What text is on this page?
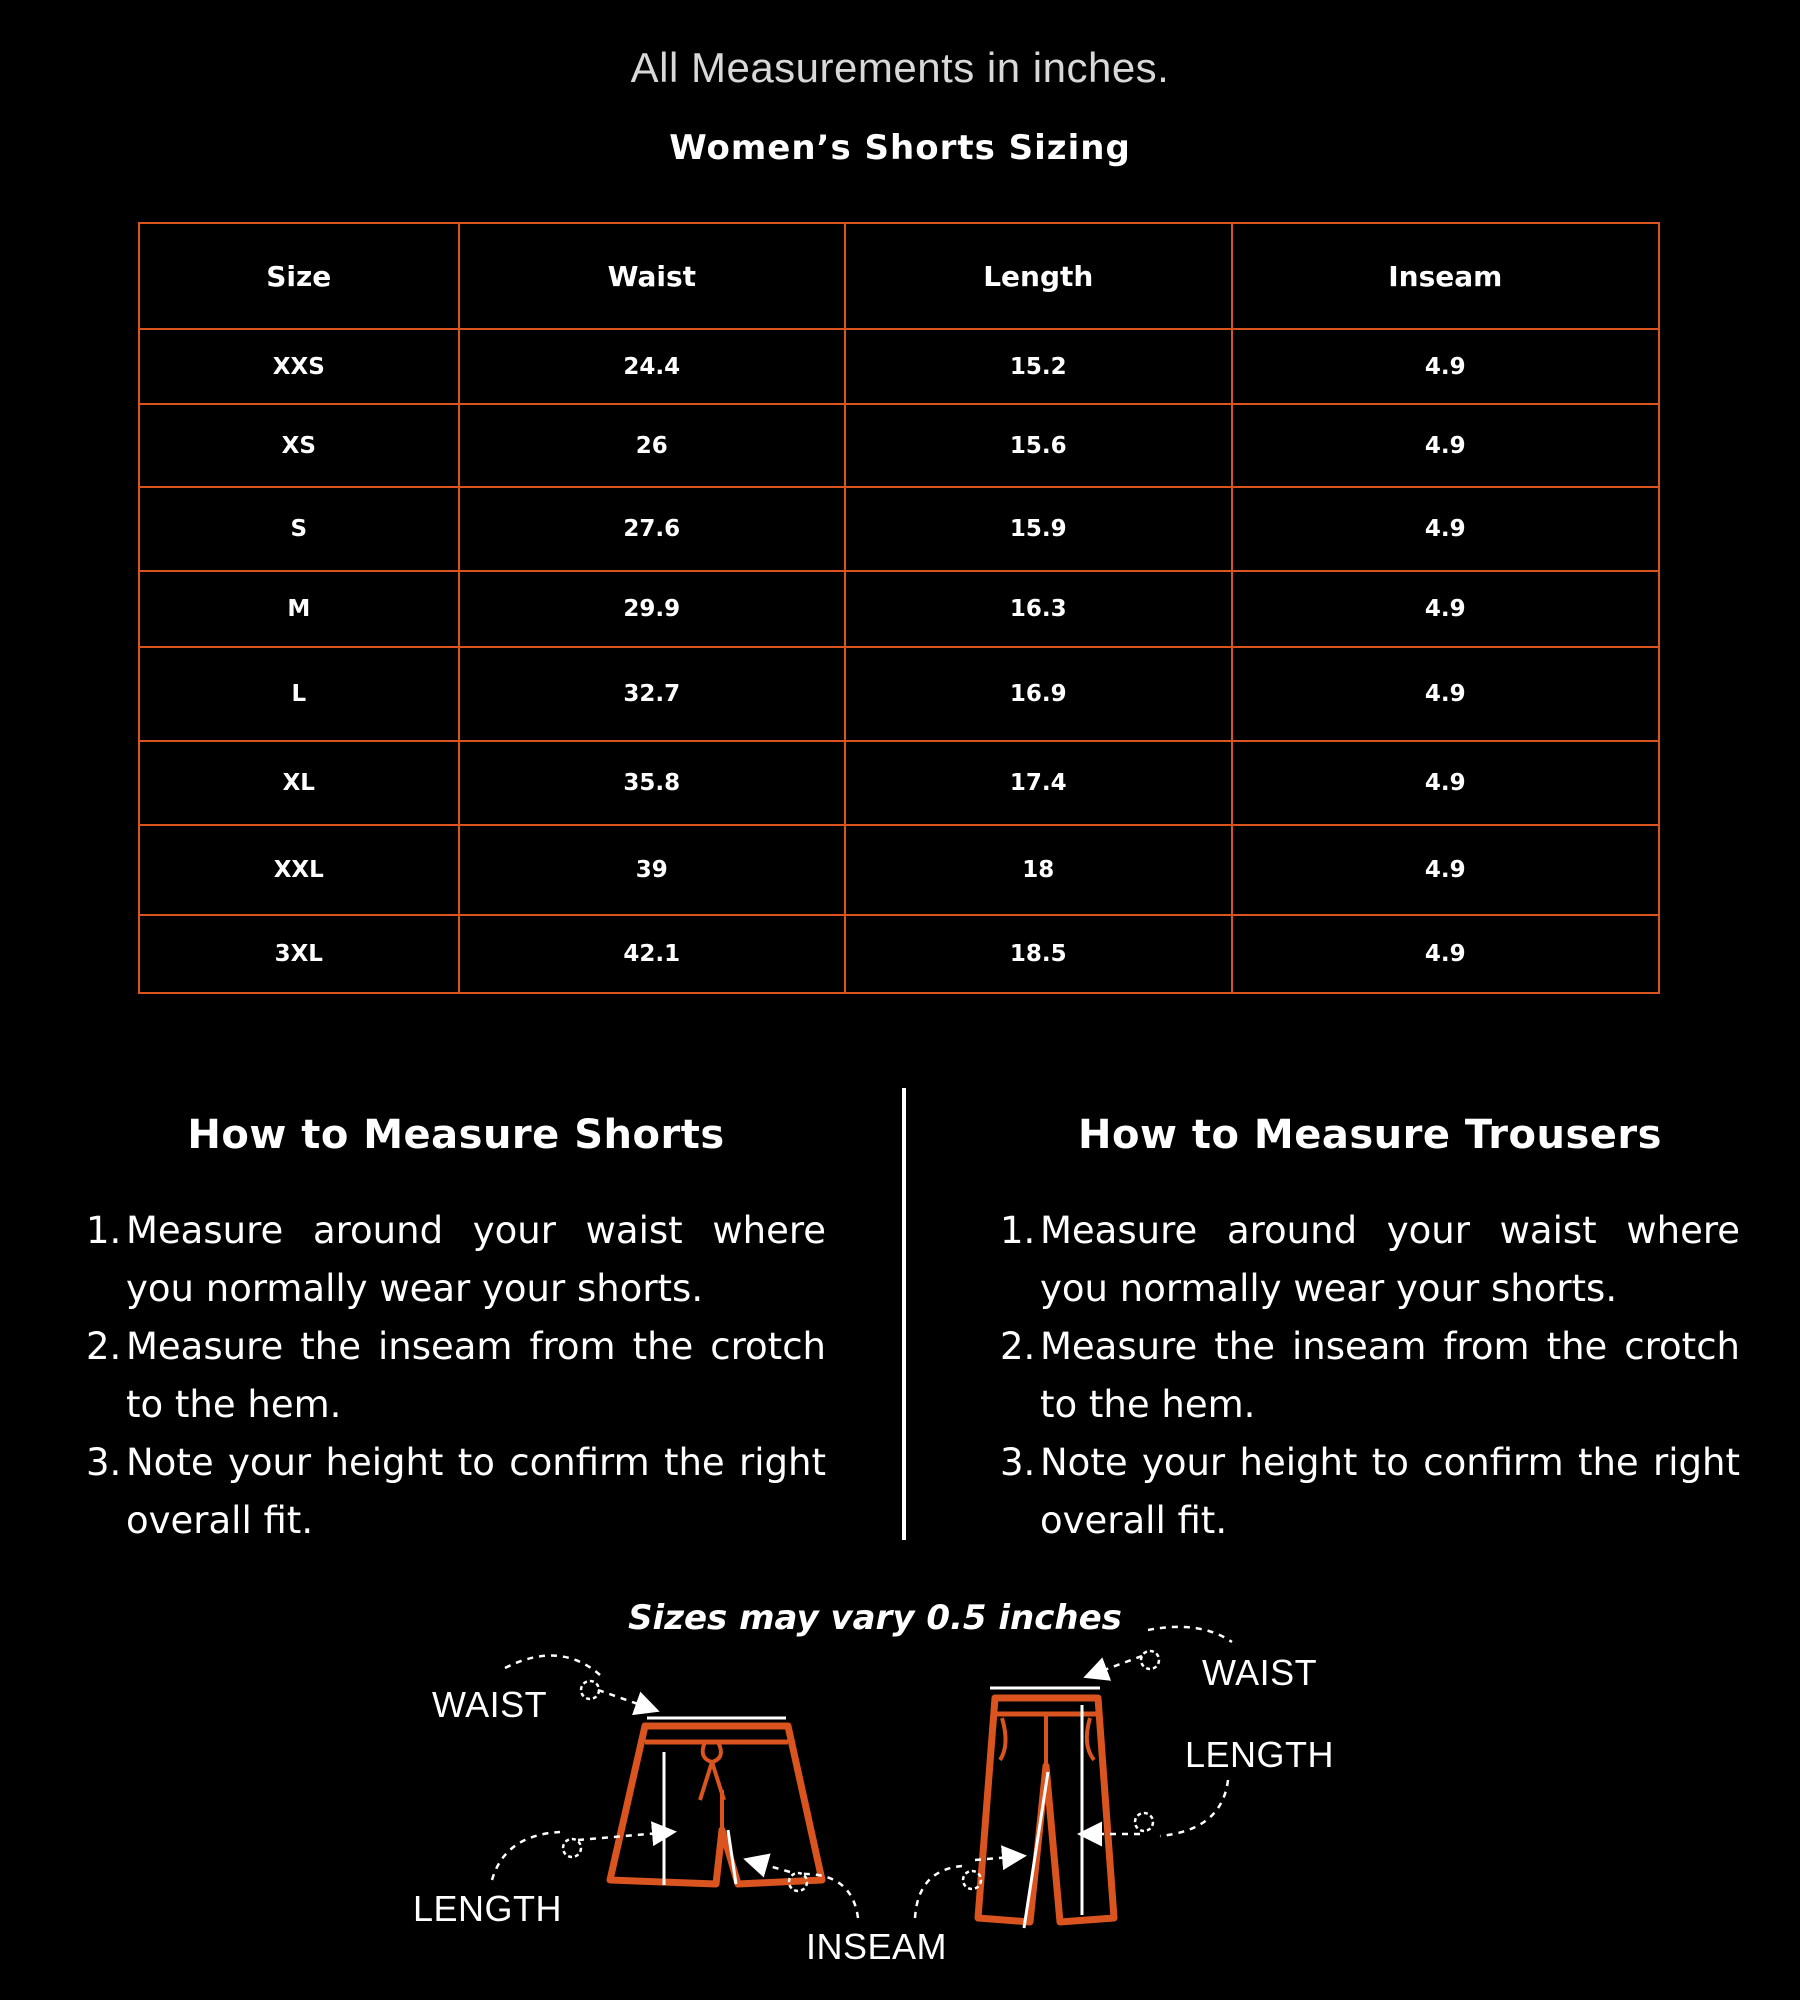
All Measurements in inches.
Women’s Shorts Sizing
Size	Waist	Length	Inseam
XXS	24.4	15.2	4.9
XS	26	15.6	4.9
S	27.6	15.9	4.9
M	29.9	16.3	4.9
L	32.7	16.9	4.9
XL	35.8	17.4	4.9
XXL	39	18	4.9
3XL	42.1	18.5	4.9
How to Measure Shorts
1. Measure around your waist where you normally wear your shorts.
2. Measure the inseam from the crotch to the hem.
3. Note your height to confirm the right overall fit.
How to Measure Trousers
1. Measure around your waist where you normally wear your shorts.
2. Measure the inseam from the crotch to the hem.
3. Note your height to confirm the right overall fit.
Sizes may vary 0.5 inches
WAIST
LENGTH
INSEAM
WAIST
LENGTH
